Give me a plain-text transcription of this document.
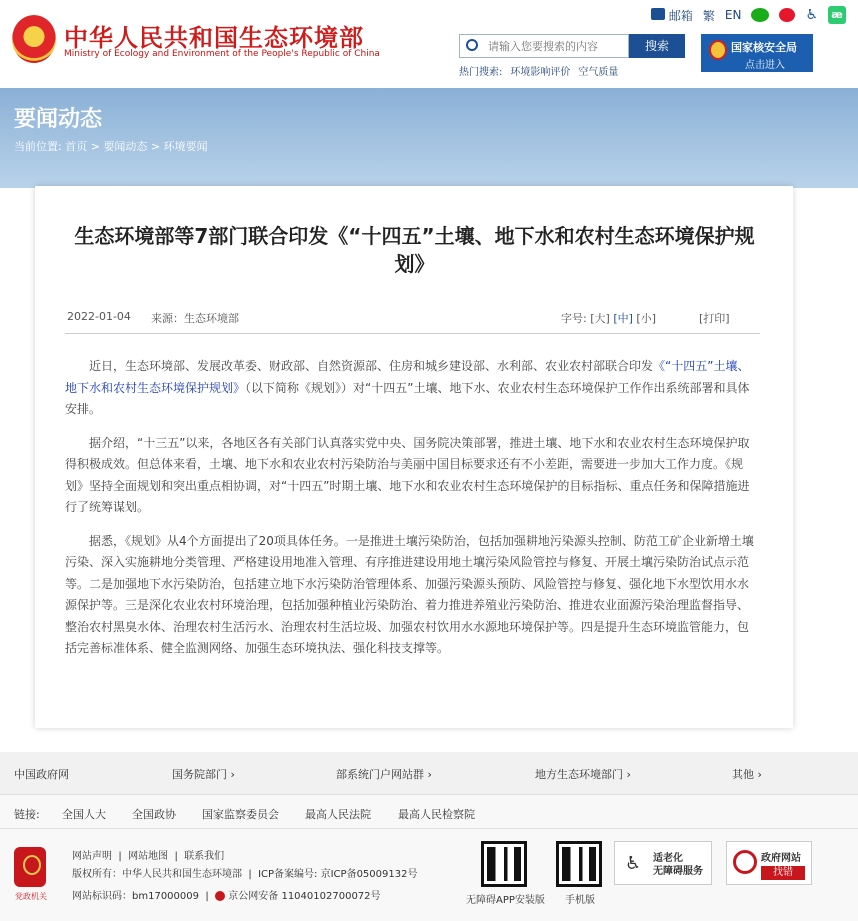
中华人民共和国生态环境部
Ministry of Ecology and Environment of the People's Republic of China
邮箱 繁 EN	♿ æ
请输入您要搜索的内容
搜索
热门搜索: 环境影响评价 空气质量
国家核安全局
点击进入
要闻动态
当前位置: 首页 > 要闻动态 > 环境要闻
生态环境部等7部门联合印发《“十四五”土壤、地下水和农村生态环境保护规划》
2022-01-04 来源：生态环境部	字号: [大] [中] [小]	[打印]

近日，生态环境部、发展改革委、财政部、自然资源部、住房和城乡建设部、水利部、农业农村部联合印发《“十四五”土壤、地下水和农村生态环境保护规划》（以下简称《规划》）对“十四五”土壤、地下水、农业农村生态环境保护工作作出系统部署和具体安排。

据介绍，“十三五”以来，各地区各有关部门认真落实党中央、国务院决策部署，推进土壤、地下水和农业农村生态环境保护取得积极成效。但总体来看，土壤、地下水和农业农村污染防治与美丽中国目标要求还有不小差距，需要进一步加大工作力度。《规划》坚持全面规划和突出重点相协调，对“十四五”时期土壤、地下水和农业农村生态环境保护的目标指标、重点任务和保障措施进行了统筹谋划。

据悉，《规划》从4个方面提出了20项具体任务。一是推进土壤污染防治，包括加强耕地污染源头控制、防范工矿企业新增土壤污染、深入实施耕地分类管理、严格建设用地准入管理、有序推进建设用地土壤污染风险管控与修复、开展土壤污染防治试点示范等。二是加强地下水污染防治，包括建立地下水污染防治管理体系、加强污染源头预防、风险管控与修复、强化地下水型饮用水水源保护等。三是深化农业农村环境治理，包括加强种植业污染防治、着力推进养殖业污染防治、推进农业面源污染治理监督指导、整治农村黑臭水体、治理农村生活污水、治理农村生活垃圾、加强农村饮用水水源地环境保护等。四是提升生态环境监管能力，包括完善标准体系、健全监测网络、加强生态环境执法、强化科技支撑等。

中国政府网	国务院部门 ›	部系统门户网站群 ›	地方生态环境部门 ›	其他 ›
链接: 全国人大 全国政协 国家监察委员会 最高人民法院 最高人民检察院
党政机关
网站声明  |  网站地图  |  联系我们
版权所有：中华人民共和国生态环境部  |  ICP备案编号: 京ICP备05009132号
网站标识码：bm17000009  |   京公网安备 11040102700072号	无障碍APP安装版 手机版
♿ 适老化
无障碍服务
政府网站
找错
